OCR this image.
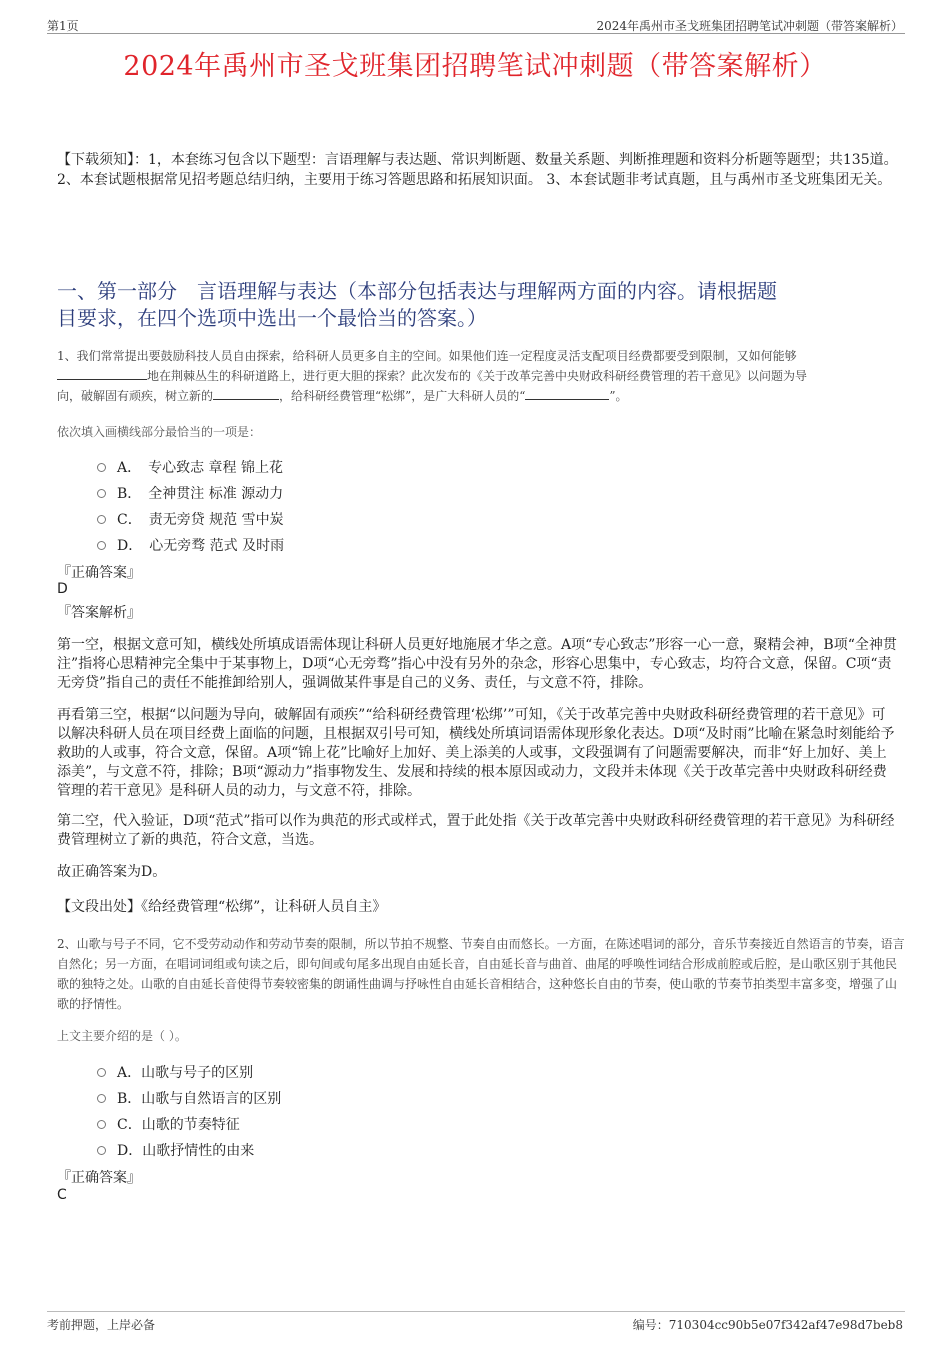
第1页	2024年禹州市圣戈班集团招聘笔试冲刺题（带答案解析）
2024年禹州市圣戈班集团招聘笔试冲刺题（带答案解析）
【下载须知】：1，本套练习包含以下题型：言语理解与表达题、常识判断题、数量关系题、判断推理题和资料分析题等题型；共135道。 2、本套试题根据常见招考题总结归纳，主要用于练习答题思路和拓展知识面。 3、本套试题非考试真题，且与禹州市圣戈班集团无关。
一、第一部分　言语理解与表达（本部分包括表达与理解两方面的内容。请根据题
目要求，在四个选项中选出一个最恰当的答案。）
1、我们常常提出要鼓励科技人员自由探索，给科研人员更多自主的空间。如果他们连一定程度灵活支配项目经费都要受到限制，又如何能够
地在荆棘丛生的科研道路上，进行更大胆的探索？此次发布的《关于改革完善中央财政科研经费管理的若干意见》以问题为导
向，破解固有顽疾，树立新的	，给科研经费管理“松绑”，是广大科研人员的“	”。
依次填入画横线部分最恰当的一项是：
A．　专心致志 章程 锦上花
B．　全神贯注 标准 源动力
C．　责无旁贷 规范 雪中炭
D．　心无旁骛 范式 及时雨
『正确答案』
D
『答案解析』
第一空，根据文意可知，横线处所填成语需体现让科研人员更好地施展才华之意。A项“专心致志”形容一心一意，聚精会神，B项“全神贯注”指将心思精神完全集中于某事物上，D项“心无旁骛”指心中没有另外的杂念，形容心思集中，专心致志，均符合文意，保留。C项“责无旁贷”指自己的责任不能推卸给别人，强调做某件事是自己的义务、责任，与文意不符，排除。
再看第三空，根据“以问题为导向，破解固有顽疾”“给科研经费管理‘松绑’”可知，《关于改革完善中央财政科研经费管理的若干意见》可以解决科研人员在项目经费上面临的问题，且根据双引号可知，横线处所填词语需体现形象化表达。D项“及时雨”比喻在紧急时刻能给予救助的人或事，符合文意，保留。A项“锦上花”比喻好上加好、美上添美的人或事，文段强调有了问题需要解决，而非“好上加好、美上添美”，与文意不符，排除；B项“源动力”指事物发生、发展和持续的根本原因或动力，文段并未体现《关于改革完善中央财政科研经费管理的若干意见》是科研人员的动力，与文意不符，排除。
第二空，代入验证，D项“范式”指可以作为典范的形式或样式，置于此处指《关于改革完善中央财政科研经费管理的若干意见》为科研经费管理树立了新的典范，符合文意，当选。
故正确答案为D。
【文段出处】《给经费管理“松绑”，让科研人员自主》
2、山歌与号子不同，它不受劳动动作和劳动节奏的限制，所以节拍不规整、节奏自由而悠长。一方面，在陈述唱词的部分，音乐节奏接近自然语言的节奏，语言自然化；另一方面，在唱词词组或句读之后，即句间或句尾多出现自由延长音，自由延长音与曲首、曲尾的呼唤性词结合形成前腔或后腔，是山歌区别于其他民歌的独特之处。山歌的自由延长音使得节奏较密集的朗诵性曲调与抒咏性自由延长音相结合，这种悠长自由的节奏，使山歌的节奏节拍类型丰富多变，增强了山歌的抒情性。
上文主要介绍的是（ ）。
A．山歌与号子的区别
B．山歌与自然语言的区别
C．山歌的节奏特征
D．山歌抒情性的由来
『正确答案』
C
考前押题，上岸必备	编号：710304cc90b5e07f342af47e98d7beb8
